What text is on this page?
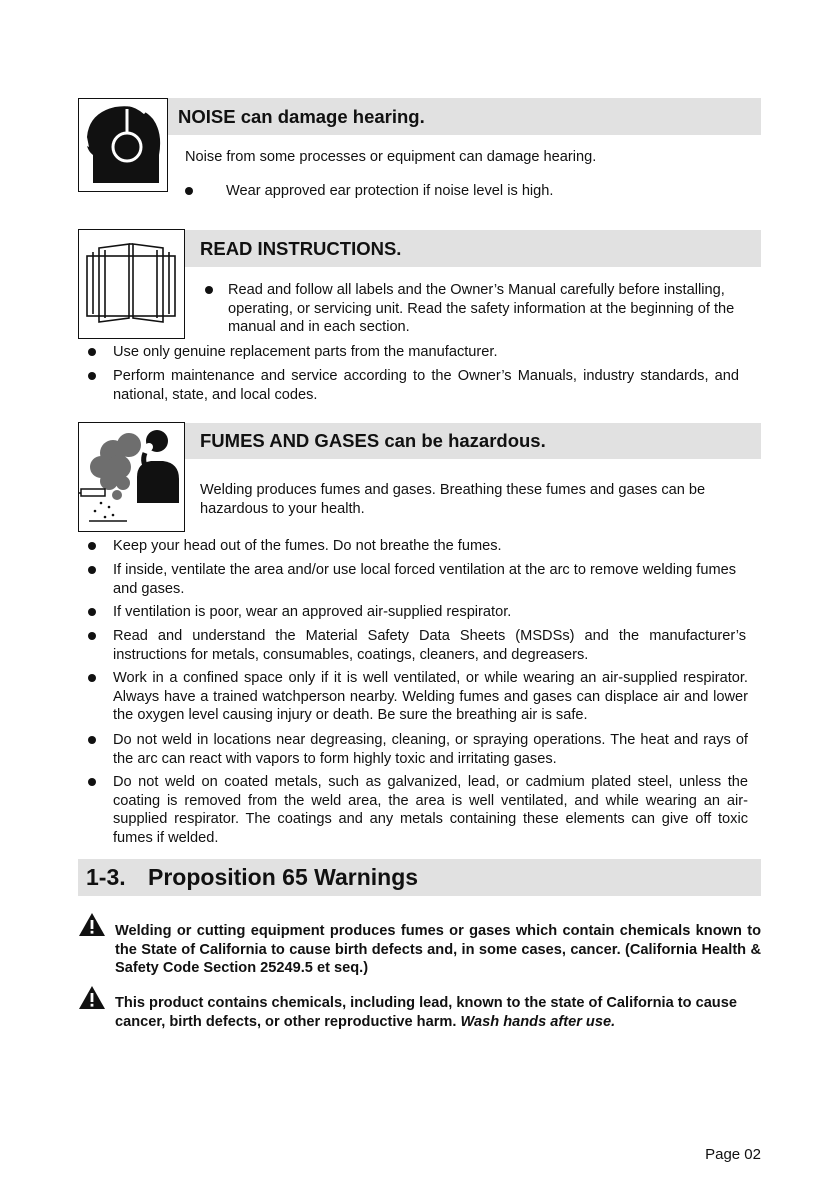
NOISE can damage hearing.
Noise from some processes or equipment can damage hearing.
Wear approved ear protection if noise level is high.
READ INSTRUCTIONS.
Read and follow all labels and the Owner’s Manual carefully before installing, operating, or servicing unit. Read the safety information at the beginning of the manual and in each section.
Use only genuine replacement parts from the manufacturer.
Perform maintenance and service according to the Owner’s Manuals, industry standards, and national, state, and local codes.
FUMES AND GASES can be hazardous.
Welding produces fumes and gases. Breathing these fumes and gases can be hazardous to your health.
Keep your head out of the fumes. Do not breathe the fumes.
If inside, ventilate the area and/or use local forced ventilation at the arc to remove welding fumes and gases.
If ventilation is poor, wear an approved air-supplied respirator.
Read and understand the Material Safety Data Sheets (MSDSs) and the manufacturer’s instructions for metals, consumables, coatings, cleaners, and degreasers.
Work in a confined space only if it is well ventilated, or while wearing an air-supplied respirator. Always have a trained watchperson nearby. Welding fumes and gases can displace air and lower the oxygen level causing injury or death. Be sure the breathing air is safe.
Do not weld in locations near degreasing, cleaning, or spraying operations. The heat and rays of the arc can react with vapors to form highly toxic and irritating gases.
Do not weld on coated metals, such as galvanized, lead, or cadmium plated steel, unless the coating is removed from the weld area, the area is well ventilated, and while wearing an air-supplied respirator. The coatings and any metals containing these elements can give off toxic fumes if welded.
1-3. Proposition 65 Warnings
Welding or cutting equipment produces fumes or gases which contain chemicals known to the State of California to cause birth defects and, in some cases, cancer. (California Health & Safety Code Section 25249.5 et seq.)
This product contains chemicals, including lead, known to the state of California to cause cancer, birth defects, or other reproductive harm. Wash hands after use.
Page 02
